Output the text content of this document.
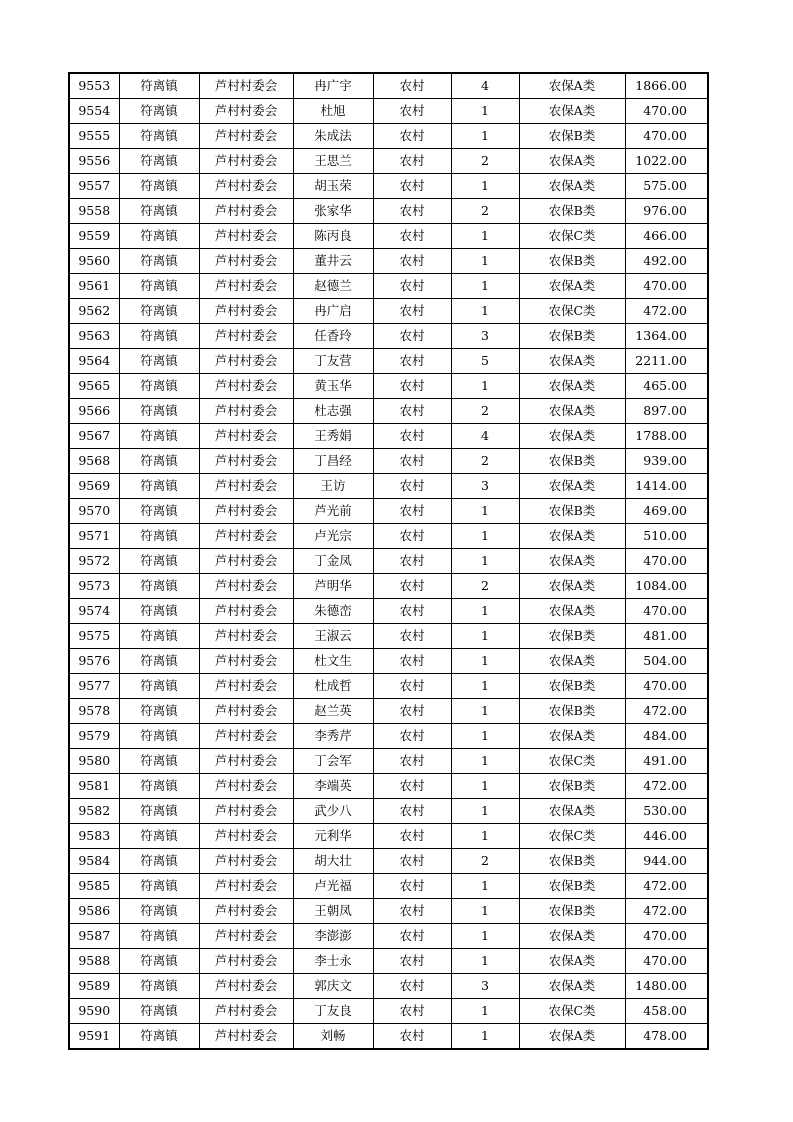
9553	符离镇	芦村村委会	冉广宇	农村	4	农保A类	1866.00
9554	符离镇	芦村村委会	杜旭	农村	1	农保A类	470.00
9555	符离镇	芦村村委会	朱成法	农村	1	农保B类	470.00
9556	符离镇	芦村村委会	王思兰	农村	2	农保A类	1022.00
9557	符离镇	芦村村委会	胡玉荣	农村	1	农保A类	575.00
9558	符离镇	芦村村委会	张家华	农村	2	农保B类	976.00
9559	符离镇	芦村村委会	陈丙良	农村	1	农保C类	466.00
9560	符离镇	芦村村委会	董井云	农村	1	农保B类	492.00
9561	符离镇	芦村村委会	赵德兰	农村	1	农保A类	470.00
9562	符离镇	芦村村委会	冉广启	农村	1	农保C类	472.00
9563	符离镇	芦村村委会	任香玲	农村	3	农保B类	1364.00
9564	符离镇	芦村村委会	丁友营	农村	5	农保A类	2211.00
9565	符离镇	芦村村委会	黄玉华	农村	1	农保A类	465.00
9566	符离镇	芦村村委会	杜志强	农村	2	农保A类	897.00
9567	符离镇	芦村村委会	王秀娟	农村	4	农保A类	1788.00
9568	符离镇	芦村村委会	丁昌经	农村	2	农保B类	939.00
9569	符离镇	芦村村委会	王访	农村	3	农保A类	1414.00
9570	符离镇	芦村村委会	芦光前	农村	1	农保B类	469.00
9571	符离镇	芦村村委会	卢光宗	农村	1	农保A类	510.00
9572	符离镇	芦村村委会	丁金凤	农村	1	农保A类	470.00
9573	符离镇	芦村村委会	芦明华	农村	2	农保A类	1084.00
9574	符离镇	芦村村委会	朱德峦	农村	1	农保A类	470.00
9575	符离镇	芦村村委会	王淑云	农村	1	农保B类	481.00
9576	符离镇	芦村村委会	杜文生	农村	1	农保A类	504.00
9577	符离镇	芦村村委会	杜成哲	农村	1	农保B类	470.00
9578	符离镇	芦村村委会	赵兰英	农村	1	农保B类	472.00
9579	符离镇	芦村村委会	李秀芹	农村	1	农保A类	484.00
9580	符离镇	芦村村委会	丁会军	农村	1	农保C类	491.00
9581	符离镇	芦村村委会	李端英	农村	1	农保B类	472.00
9582	符离镇	芦村村委会	武少八	农村	1	农保A类	530.00
9583	符离镇	芦村村委会	元利华	农村	1	农保C类	446.00
9584	符离镇	芦村村委会	胡大壮	农村	2	农保B类	944.00
9585	符离镇	芦村村委会	卢光福	农村	1	农保B类	472.00
9586	符离镇	芦村村委会	王朝凤	农村	1	农保B类	472.00
9587	符离镇	芦村村委会	李澎澎	农村	1	农保A类	470.00
9588	符离镇	芦村村委会	李士永	农村	1	农保A类	470.00
9589	符离镇	芦村村委会	郭庆文	农村	3	农保A类	1480.00
9590	符离镇	芦村村委会	丁友良	农村	1	农保C类	458.00
9591	符离镇	芦村村委会	刘畅	农村	1	农保A类	478.00
